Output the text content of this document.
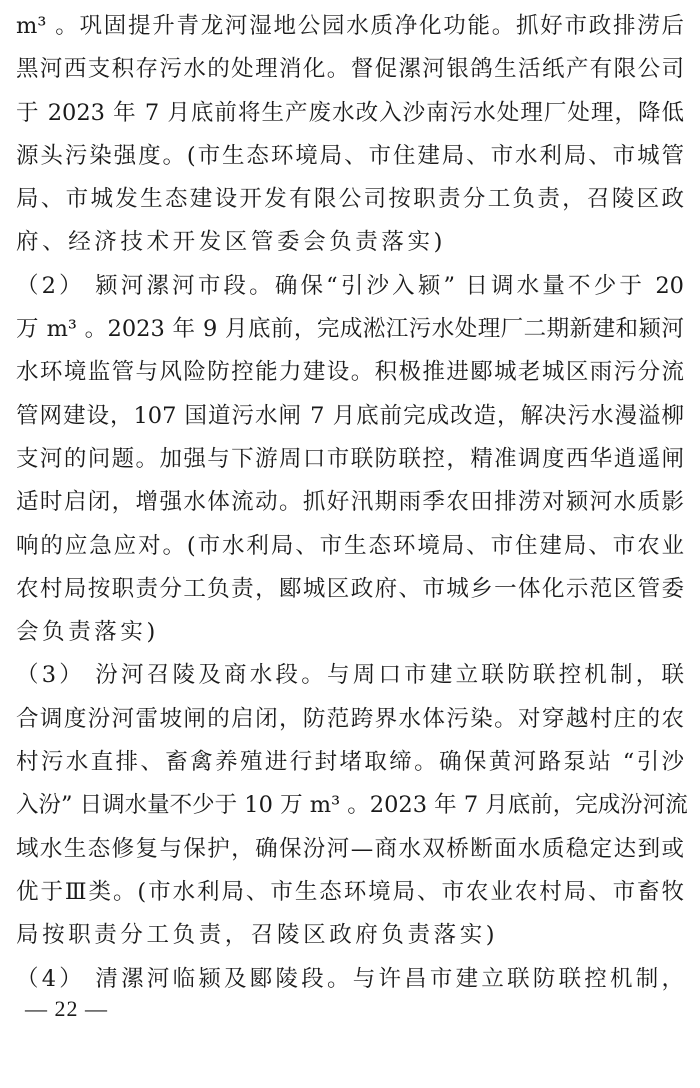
m³ 。巩固提升青龙河湿地公园水质净化功能。抓好市政排涝后
黑河西支积存污水的处理消化。督促漯河银鸽生活纸产有限公司
于 2023 年 7 月底前将生产废水改入沙南污水处理厂处理，降低
源头污染强度。(市生态环境局、市住建局、市水利局、市城管
局、市城发生态建设开发有限公司按职责分工负责，召陵区政
府、经济技术开发区管委会负责落实)
（2） 颍河漯河市段。确保“引沙入颍” 日调水量不少于 20
万 m³ 。2023 年 9 月底前，完成淞江污水处理厂二期新建和颍河
水环境监管与风险防控能力建设。积极推进郾城老城区雨污分流
管网建设，107 国道污水闸 7 月底前完成改造，解决污水漫溢柳
支河的问题。加强与下游周口市联防联控，精准调度西华逍遥闸
适时启闭，增强水体流动。抓好汛期雨季农田排涝对颍河水质影
响的应急应对。(市水利局、市生态环境局、市住建局、市农业
农村局按职责分工负责，郾城区政府、市城乡一体化示范区管委
会负责落实)
（3） 汾河召陵及商水段。与周口市建立联防联控机制，联
合调度汾河雷坡闸的启闭，防范跨界水体污染。对穿越村庄的农
村污水直排、畜禽养殖进行封堵取缔。确保黄河路泵站 “引沙
入汾” 日调水量不少于 10 万 m³ 。2023 年 7 月底前，完成汾河流
域水生态修复与保护，确保汾河—商水双桥断面水质稳定达到或
优于Ⅲ类。(市水利局、市生态环境局、市农业农村局、市畜牧
局按职责分工负责，召陵区政府负责落实)
（4） 清漯河临颍及郾陵段。与许昌市建立联防联控机制，
— 22 —
